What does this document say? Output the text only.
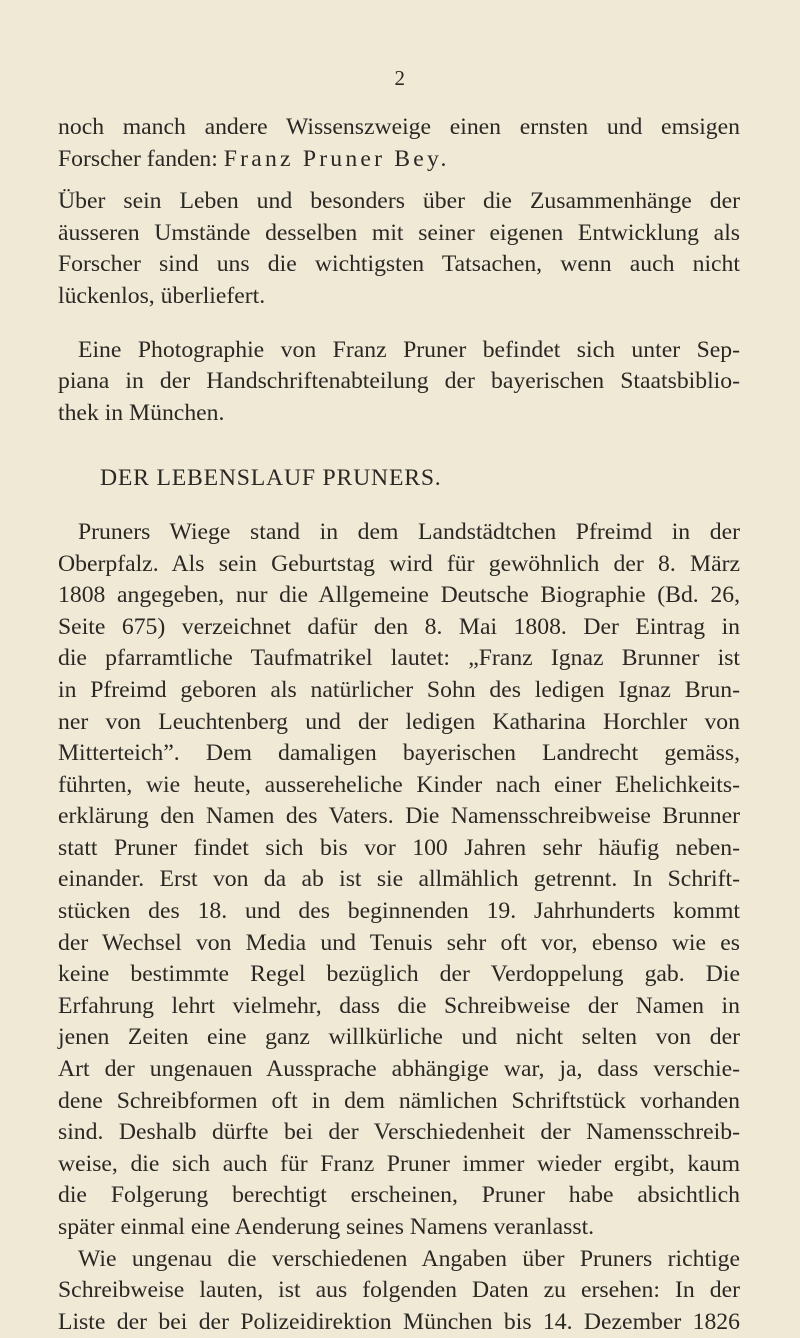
2
noch manch andere Wissenszweige einen ernsten und emsigen
Forscher fanden: Franz Pruner Bey.
Über sein Leben und besonders über die Zusammenhänge der
äusseren Umstände desselben mit seiner eigenen Entwicklung als
Forscher sind uns die wichtigsten Tatsachen, wenn auch nicht
lückenlos, überliefert.
Eine Photographie von Franz Pruner befindet sich unter Sep-
piana in der Handschriftenabteilung der bayerischen Staatsbiblio-
thek in München.
DER LEBENSLAUF PRUNERS.
Pruners Wiege stand in dem Landstädtchen Pfreimd in der
Oberpfalz. Als sein Geburtstag wird für gewöhnlich der 8. März
1808 angegeben, nur die Allgemeine Deutsche Biographie (Bd. 26,
Seite 675) verzeichnet dafür den 8. Mai 1808. Der Eintrag in
die pfarramtliche Taufmatrikel lautet: „Franz Ignaz Brunner ist
in Pfreimd geboren als natürlicher Sohn des ledigen Ignaz Brun-
ner von Leuchtenberg und der ledigen Katharina Horchler von
Mitterteich”. Dem damaligen bayerischen Landrecht gemäss,
führten, wie heute, aussereheliche Kinder nach einer Ehelichkeits-
erklärung den Namen des Vaters. Die Namensschreibweise Brunner
statt Pruner findet sich bis vor 100 Jahren sehr häufig neben-
einander. Erst von da ab ist sie allmählich getrennt. In Schrift-
stücken des 18. und des beginnenden 19. Jahrhunderts kommt
der Wechsel von Media und Tenuis sehr oft vor, ebenso wie es
keine bestimmte Regel bezüglich der Verdoppelung gab. Die
Erfahrung lehrt vielmehr, dass die Schreibweise der Namen in
jenen Zeiten eine ganz willkürliche und nicht selten von der
Art der ungenauen Aussprache abhängige war, ja, dass verschie-
dene Schreibformen oft in dem nämlichen Schriftstück vorhanden
sind. Deshalb dürfte bei der Verschiedenheit der Namensschreib-
weise, die sich auch für Franz Pruner immer wieder ergibt, kaum
die Folgerung berechtigt erscheinen, Pruner habe absichtlich
später einmal eine Aenderung seines Namens veranlasst.
Wie ungenau die verschiedenen Angaben über Pruners richtige
Schreibweise lauten, ist aus folgenden Daten zu ersehen: In der
Liste der bei der Polizeidirektion München bis 14. Dezember 1826
